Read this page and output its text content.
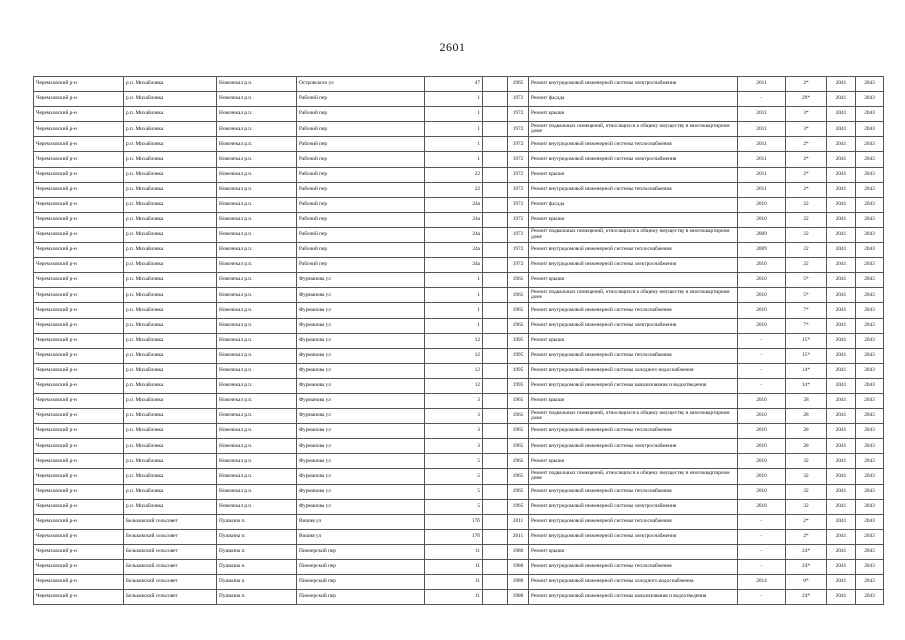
2601
Черемховский р-н	р.п. Михайловка	Новочекал р.п.	Островского ул	47		1965	Ремонт внутридомовой инженерной системы электроснабжения	2011	2*	2041	2043
Черемховский р-н	р.п. Михайловка	Новочекал р.п.	Рабочий пер	1		1972	Ремонт фасада	-	29*	2041	2043
Черемховский р-н	р.п. Михайловка	Новочекал р.п.	Рабочий пер	1		1972	Ремонт крыши	2011	3*	2041	2043
Черемховский р-н	р.п. Михайловка	Новочекал р.п.	Рабочий пер	1		1972	Ремонт подвальных помещений, относящихся к общему имуществу в многоквартирном доме	2011	3*	2041	2043
Черемховский р-н	р.п. Михайловка	Новочекал р.п.	Рабочий пер	1		1972	Ремонт внутридомовой инженерной системы теплоснабжения	2011	2*	2041	2043
Черемховский р-н	р.п. Михайловка	Новочекал р.п.	Рабочий пер	1		1972	Ремонт внутридомовой инженерной системы электроснабжения	2011	2*	2041	2043
Черемховский р-н	р.п. Михайловка	Новочекал р.п.	Рабочий пер	22		1972	Ремонт крыши	2011	2*	2041	2043
Черемховский р-н	р.п. Михайловка	Новочекал р.п.	Рабочий пер	22		1972	Ремонт внутридомовой инженерной системы теплоснабжения	2011	2*	2041	2043
Черемховский р-н	р.п. Михайловка	Новочекал р.п.	Рабочий пер	24а		1972	Ремонт фасада	2010	22	2041	2043
Черемховский р-н	р.п. Михайловка	Новочекал р.п.	Рабочий пер	24а		1972	Ремонт крыши	2010	22	2041	2043
Черемховский р-н	р.п. Михайловка	Новочекал р.п.	Рабочий пер	24а		1972	Ремонт подвальных помещений, относящихся к общему имуществу в многоквартирном доме	2009	22	2041	2043
Черемховский р-н	р.п. Михайловка	Новочекал р.п.	Рабочий пер	24а		1972	Ремонт внутридомовой инженерной системы теплоснабжения	2009	22	2041	2043
Черемховский р-н	р.п. Михайловка	Новочекал р.п.	Рабочий пер	24а		1972	Ремонт внутридомовой инженерной системы электроснабжения	2010	22	2041	2043
Черемховский р-н	р.п. Михайловка	Новочекал р.п.	Фурманова ул	1		1965	Ремонт крыши	2010	5*	2041	2043
Черемховский р-н	р.п. Михайловка	Новочекал р.п.	Фурманова ул	1		1965	Ремонт подвальных помещений, относящихся к общему имуществу в многоквартирном доме	2010	5*	2041	2043
Черемховский р-н	р.п. Михайловка	Новочекал р.п.	Фурманова ул	1		1965	Ремонт внутридомовой инженерной системы теплоснабжения	2010	7*	2041	2043
Черемховский р-н	р.п. Михайловка	Новочекал р.п.	Фурманова ул	1		1965	Ремонт внутридомовой инженерной системы электроснабжения	2010	7*	2041	2043
Черемховский р-н	р.п. Михайловка	Новочекал р.п.	Фурманова ул	12		1995	Ремонт крыши	-	15*	2041	2043
Черемховский р-н	р.п. Михайловка	Новочекал р.п.	Фурманова ул	12		1995	Ремонт внутридомовой инженерной системы теплоснабжения	-	15*	2041	2043
Черемховский р-н	р.п. Михайловка	Новочекал р.п.	Фурманова ул	12		1995	Ремонт внутридомовой инженерной системы холодного водоснабжения	-	14*	2041	2043
Черемховский р-н	р.п. Михайловка	Новочекал р.п.	Фурманова ул	12		1995	Ремонт внутридомовой инженерной системы канализования и водоотведения	-	14*	2041	2043
Черемховский р-н	р.п. Михайловка	Новочекал р.п.	Фурманова ул	3		1965	Ремонт крыши	2010	28	2041	2043
Черемховский р-н	р.п. Михайловка	Новочекал р.п.	Фурманова ул	3		1965	Ремонт подвальных помещений, относящихся к общему имуществу в многоквартирном доме	2010	28	2041	2043
Черемховский р-н	р.п. Михайловка	Новочекал р.п.	Фурманова ул	3		1965	Ремонт внутридомовой инженерной системы теплоснабжения	2010	28	2041	2043
Черемховский р-н	р.п. Михайловка	Новочекал р.п.	Фурманова ул	3		1965	Ремонт внутридомовой инженерной системы электроснабжения	2010	28	2041	2043
Черемховский р-н	р.п. Михайловка	Новочекал р.п.	Фурманова ул	5		1965	Ремонт крыши	2010	32	2041	2043
Черемховский р-н	р.п. Михайловка	Новочекал р.п.	Фурманова ул	5		1965	Ремонт подвальных помещений, относящихся к общему имуществу в многоквартирном доме	2010	32	2041	2043
Черемховский р-н	р.п. Михайловка	Новочекал р.п.	Фурманова ул	5		1965	Ремонт внутридомовой инженерной системы теплоснабжения	2010	32	2041	2043
Черемховский р-н	р.п. Михайловка	Новочекал р.п.	Фурманова ул	5		1965	Ремонт внутридомовой инженерной системы электроснабжения	2010	32	2041	2043
Черемховский р-н	Бельковский сельсовет	Пушкина п.	Вишня ул	17б		2011	Ремонт внутридомовой инженерной системы теплоснабжения	-	2*	2041	2043
Черемховский р-н	Бельковский сельсовет	Пушкина п.	Вишня ул	17б		2011	Ремонт внутридомовой инженерной системы электроснабжения	-	2*	2041	2043
Черемховский р-н	Бельковский сельсовет	Пушкина п.	Пионерский пер	11		1980	Ремонт крыши	-	24*	2041	2043
Черемховский р-н	Бельковский сельсовет	Пушкина п.	Пионерский пер	11		1980	Ремонт внутридомовой инженерной системы теплоснабжения	-	24*	2041	2043
Черемховский р-н	Бельковский сельсовет	Пушкина п.	Пионерский пер	11		1980	Ремонт внутридомовой инженерной системы холодного водоснабжения	2014	0*	2041	2043
Черемховский р-н	Бельковский сельсовет	Пушкина п.	Пионерский пер	11		1980	Ремонт внутридомовой инженерной системы канализования и водоотведения	-	24*	2041	2043
